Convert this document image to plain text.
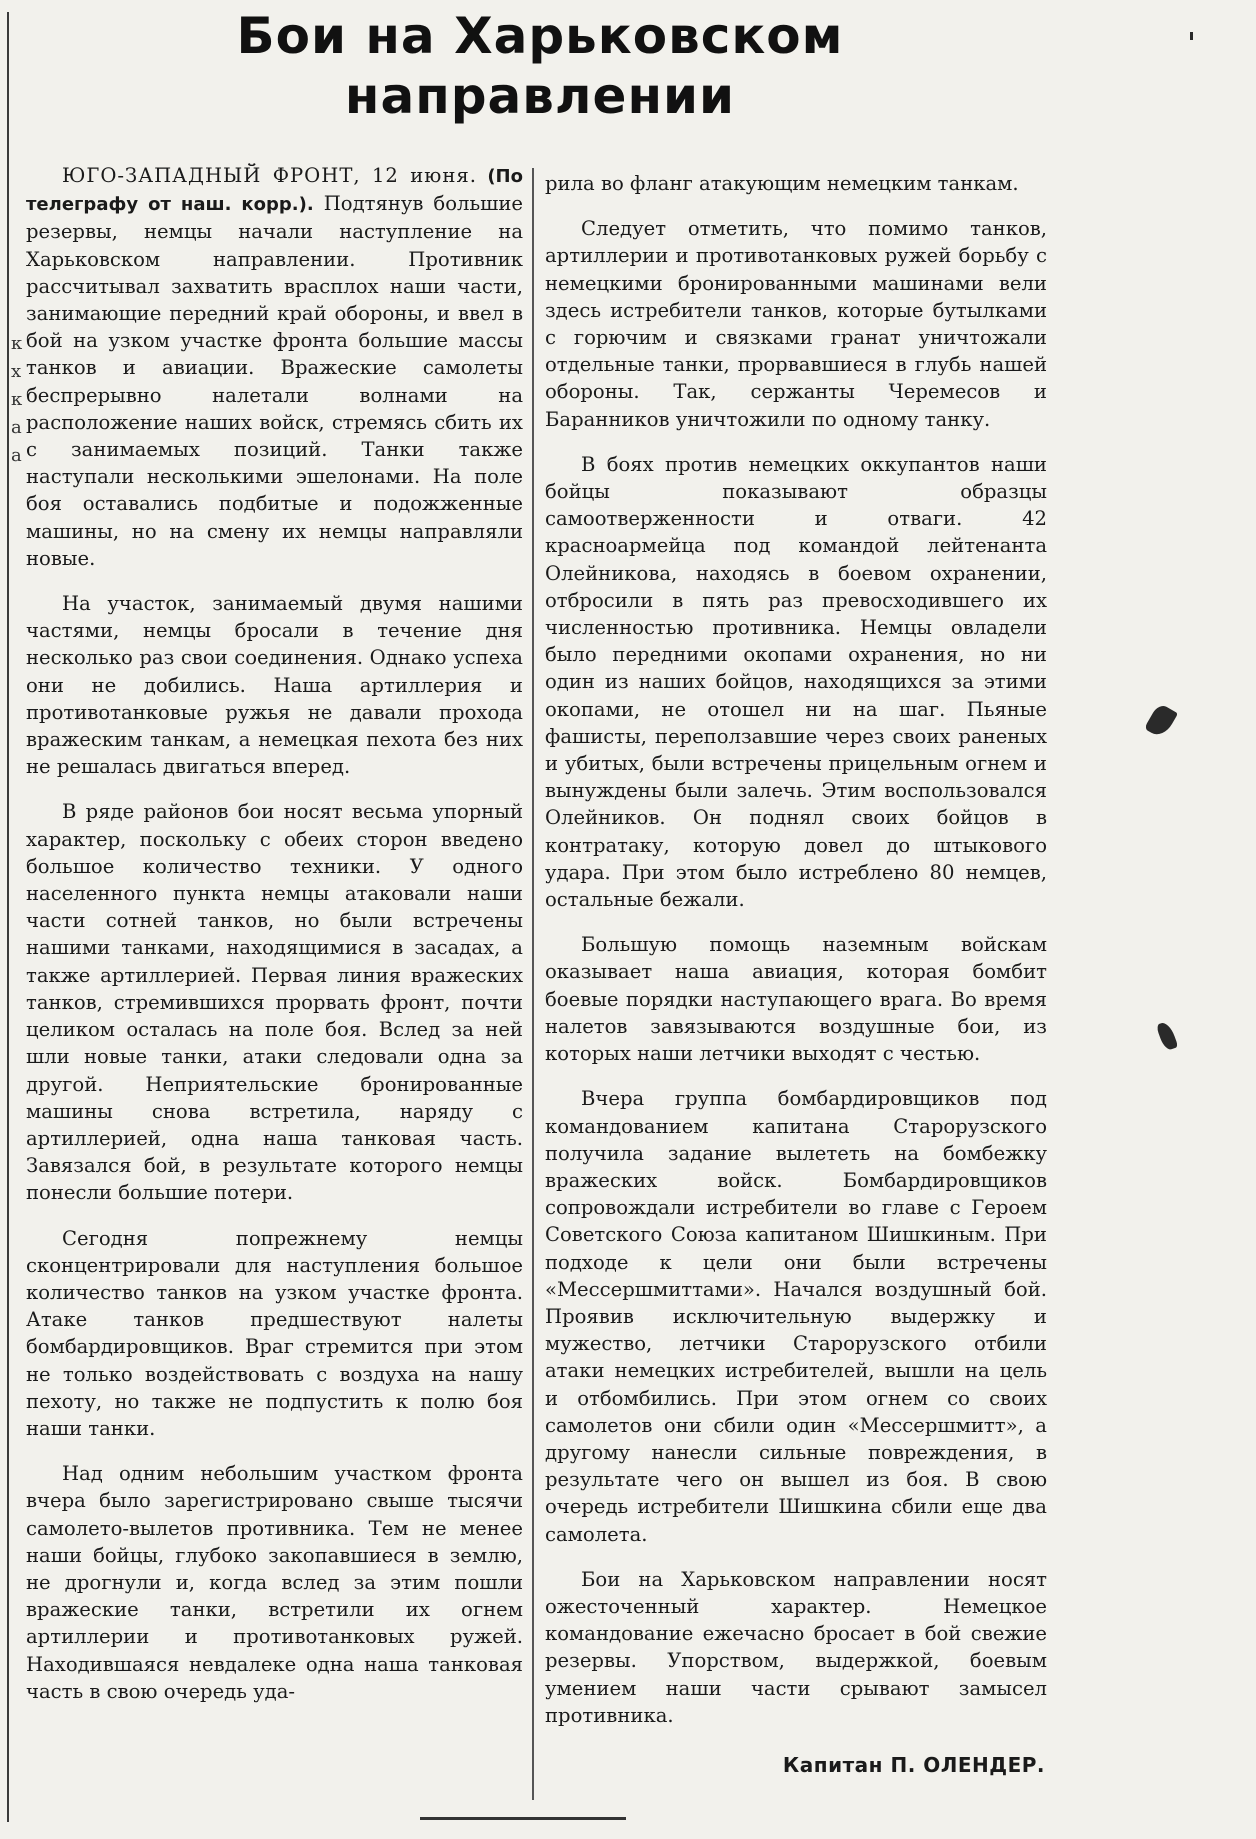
к
х
к
а
а
Бои на Харьковском
направлении

ЮГО-ЗАПАДНЫЙ ФРОНТ, 12 июня. (По телеграфу от наш. корр.). Подтянув большие резервы, немцы начали наступление на Харьковском направлении. Противник рассчитывал захватить врасплох наши части, занимающие передний край обороны, и ввел в бой на узком участке фронта большие массы танков и авиации. Вражеские самолеты беспрерывно налетали волнами на расположение наших войск, стремясь сбить их с занимаемых позиций. Танки также наступали несколькими эшелонами. На поле боя оставались подбитые и подожженные машины, но на смену их немцы направляли новые.

На участок, занимаемый двумя нашими частями, немцы бросали в течение дня несколько раз свои соединения. Однако успеха они не добились. Наша артиллерия и противотанковые ружья не давали прохода вражеским танкам, а немецкая пехота без них не решалась двигаться вперед.

В ряде районов бои носят весьма упорный характер, поскольку с обеих сторон введено большое количество техники. У одного населенного пункта немцы атаковали наши части сотней танков, но были встречены нашими танками, находящимися в засадах, а также артиллерией. Первая линия вражеских танков, стремившихся прорвать фронт, почти целиком осталась на поле боя. Вслед за ней шли новые танки, атаки следовали одна за другой. Неприятельские бронированные машины снова встретила, наряду с артиллерией, одна наша танковая часть. Завязался бой, в результате которого немцы понесли большие потери.

Сегодня попрежнему немцы сконцентрировали для наступления большое количество танков на узком участке фронта. Атаке танков предшествуют налеты бомбардировщиков. Враг стремится при этом не только воздействовать с воздуха на нашу пехоту, но также не подпустить к полю боя наши танки.

Над одним небольшим участком фронта вчера было зарегистрировано свыше тысячи самолето-вылетов противника. Тем не менее наши бойцы, глубоко закопавшиеся в землю, не дрогнули и, когда вслед за этим пошли вражеские танки, встретили их огнем артиллерии и противотанковых ружей. Находившаяся невдалеке одна наша танковая часть в свою очередь уда-

рила во фланг атакующим немецким танкам.

Следует отметить, что помимо танков, артиллерии и противотанковых ружей борьбу с немецкими бронированными машинами вели здесь истребители танков, которые бутылками с горючим и связками гранат уничтожали отдельные танки, прорвавшиеся в глубь нашей обороны. Так, сержанты Черемесов и Баранников уничтожили по одному танку.

В боях против немецких оккупантов наши бойцы показывают образцы самоотверженности и отваги. 42 красноармейца под командой лейтенанта Олейникова, находясь в боевом охранении, отбросили в пять раз превосходившего их численностью противника. Немцы овладели было передними окопами охранения, но ни один из наших бойцов, находящихся за этими окопами, не отошел ни на шаг. Пьяные фашисты, переползавшие через своих раненых и убитых, были встречены прицельным огнем и вынуждены были залечь. Этим воспользовался Олейников. Он поднял своих бойцов в контратаку, которую довел до штыкового удара. При этом было истреблено 80 немцев, остальные бежали.

Большую помощь наземным войскам оказывает наша авиация, которая бомбит боевые порядки наступающего врага. Во время налетов завязываются воздушные бои, из которых наши летчики выходят с честью.

Вчера группа бомбардировщиков под командованием капитана Старорузского получила задание вылететь на бомбежку вражеских войск. Бомбардировщиков сопровождали истребители во главе с Героем Советского Союза капитаном Шишкиным. При подходе к цели они были встречены «Мессершмиттами». Начался воздушный бой. Проявив исключительную выдержку и мужество, летчики Старорузского отбили атаки немецких истребителей, вышли на цель и отбомбились. При этом огнем со своих самолетов они сбили один «Мессершмитт», а другому нанесли сильные повреждения, в результате чего он вышел из боя. В свою очередь истребители Шишкина сбили еще два самолета.

Бои на Харьковском направлении носят ожесточенный характер. Немецкое командование ежечасно бросает в бой свежие резервы. Упорством, выдержкой, боевым умением наши части срывают замысел противника.

Капитан П. ОЛЕНДЕР.
